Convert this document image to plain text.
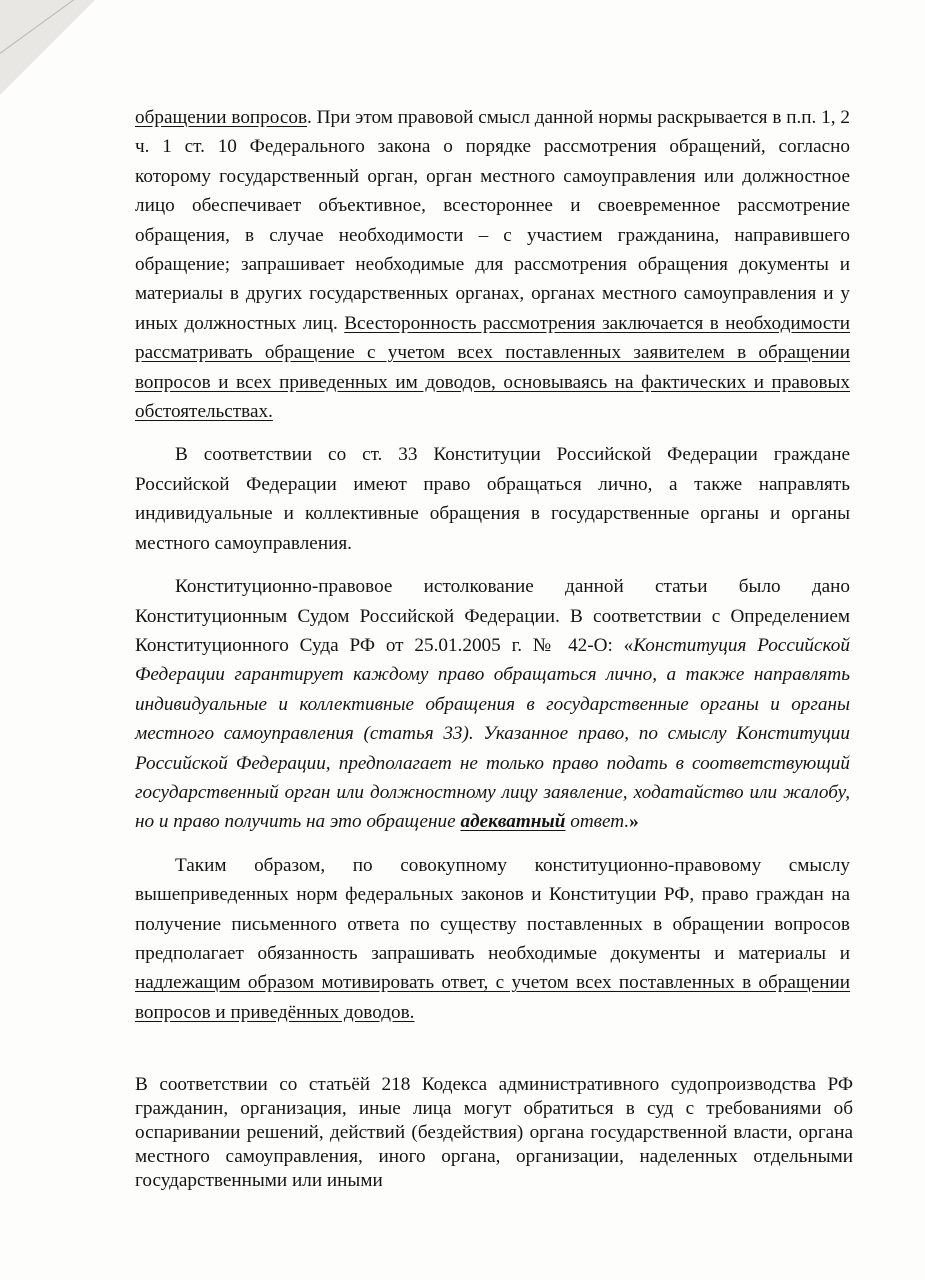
обращении вопросов. При этом правовой смысл данной нормы раскрывается в п.п. 1, 2 ч. 1 ст. 10 Федерального закона о порядке рассмотрения обращений, согласно которому государственный орган, орган местного самоуправления или должностное лицо обеспечивает объективное, всестороннее и своевременное рассмотрение обращения, в случае необходимости – с участием гражданина, направившего обращение; запрашивает необходимые для рассмотрения обращения документы и материалы в других государственных органах, органах местного самоуправления и у иных должностных лиц. Всесторонность рассмотрения заключается в необходимости рассматривать обращение с учетом всех поставленных заявителем в обращении вопросов и всех приведенных им доводов, основываясь на фактических и правовых обстоятельствах.

В соответствии со ст. 33 Конституции Российской Федерации граждане Российской Федерации имеют право обращаться лично, а также направлять индивидуальные и коллективные обращения в государственные органы и органы местного самоуправления.

Конституционно-правовое истолкование данной статьи было дано Конституционным Судом Российской Федерации. В соответствии с Определением Конституционного Суда РФ от 25.01.2005 г. № 42-О: «Конституция Российской Федерации гарантирует каждому право обращаться лично, а также направлять индивидуальные и коллективные обращения в государственные органы и органы местного самоуправления (статья 33). Указанное право, по смыслу Конституции Российской Федерации, предполагает не только право подать в соответствующий государственный орган или должностному лицу заявление, ходатайство или жалобу, но и право получить на это обращение адекватный ответ.»

Таким образом, по совокупному конституционно-правовому смыслу вышеприведенных норм федеральных законов и Конституции РФ, право граждан на получение письменного ответа по существу поставленных в обращении вопросов предполагает обязанность запрашивать необходимые документы и материалы и надлежащим образом мотивировать ответ, с учетом всех поставленных в обращении вопросов и приведённых доводов.

В соответствии со статьёй 218 Кодекса административного судопроизводства РФ гражданин, организация, иные лица могут обратиться в суд с требованиями об оспаривании решений, действий (бездействия) органа государственной власти, органа местного самоуправления, иного органа, организации, наделенных отдельными государственными или иными
